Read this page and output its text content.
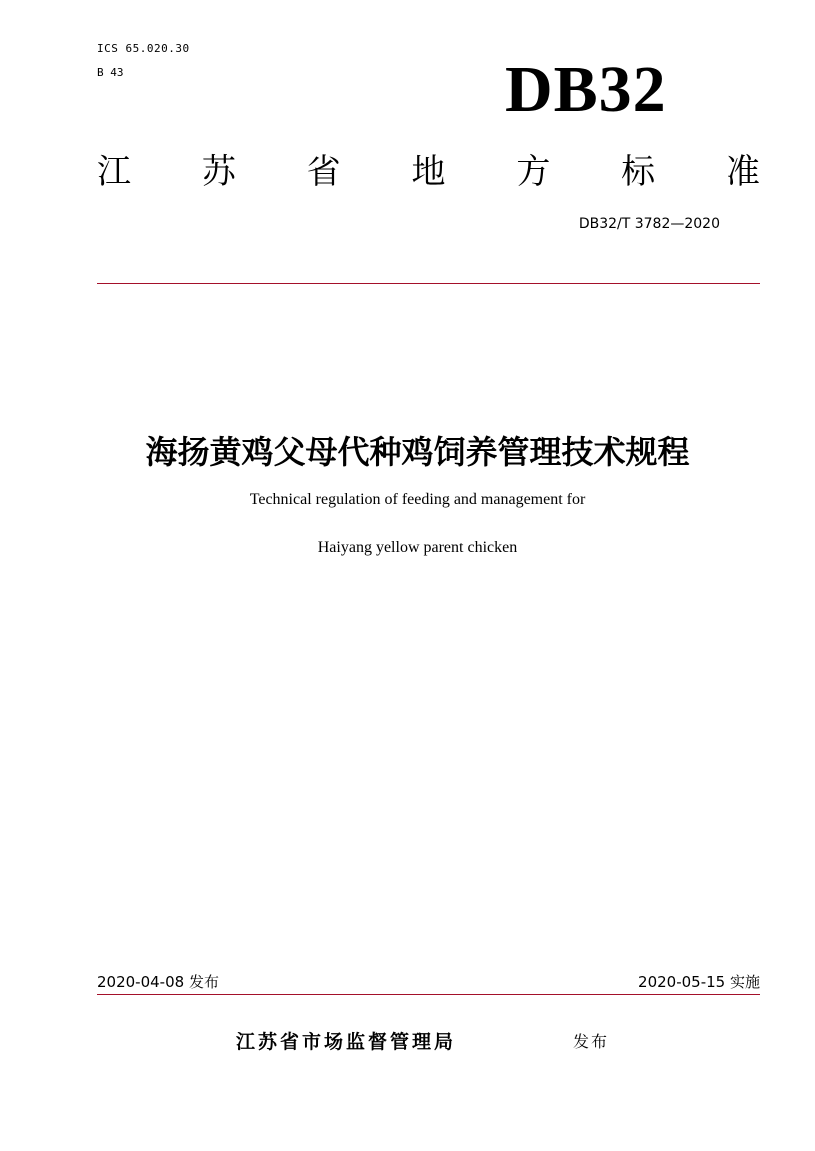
ICS 65.020.30
B 43	DB32
江 苏 省 地 方 标 准
DB32/T 3782—2020
海扬黄鸡父母代种鸡饲养管理技术规程
Technical regulation of feeding and management for
Haiyang yellow parent chicken
2020-04-08 发布	2020-05-15 实施
江苏省市场监督管理局	发布
